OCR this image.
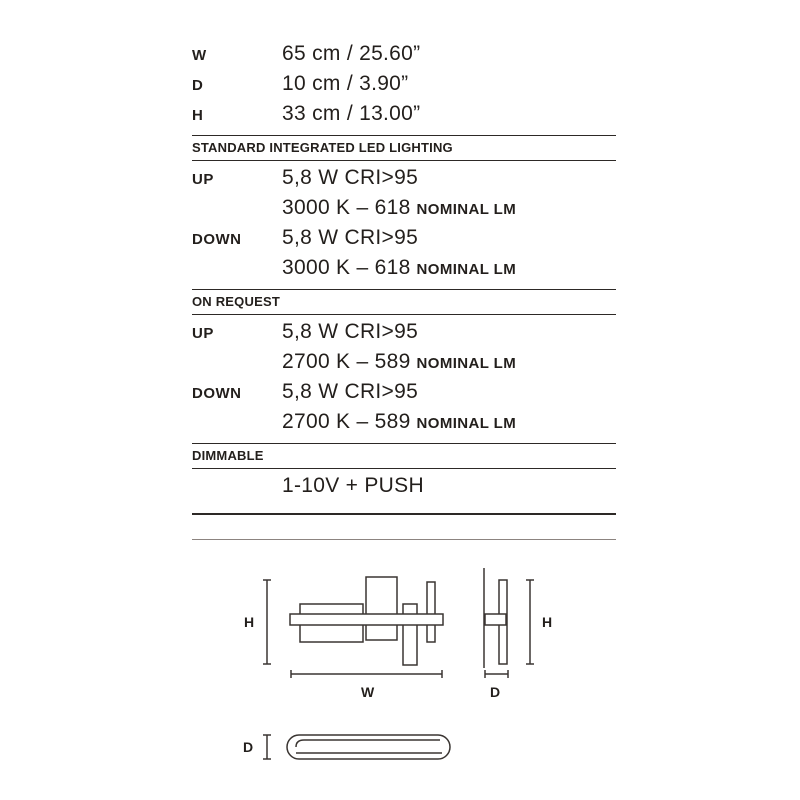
W	65 cm / 25.60”
D	10 cm / 3.90”
H	33 cm / 13.00”
STANDARD INTEGRATED LED LIGHTING
UP	5,8 W CRI>95
3000 K – 618 NOMINAL LM
DOWN	5,8 W CRI>95
3000 K – 618 NOMINAL LM
ON REQUEST
UP	5,8 W CRI>95
2700 K – 589 NOMINAL LM
DOWN	5,8 W CRI>95
2700 K – 589 NOMINAL LM
DIMMABLE
1-10V + PUSH
H
W
H
D
D
